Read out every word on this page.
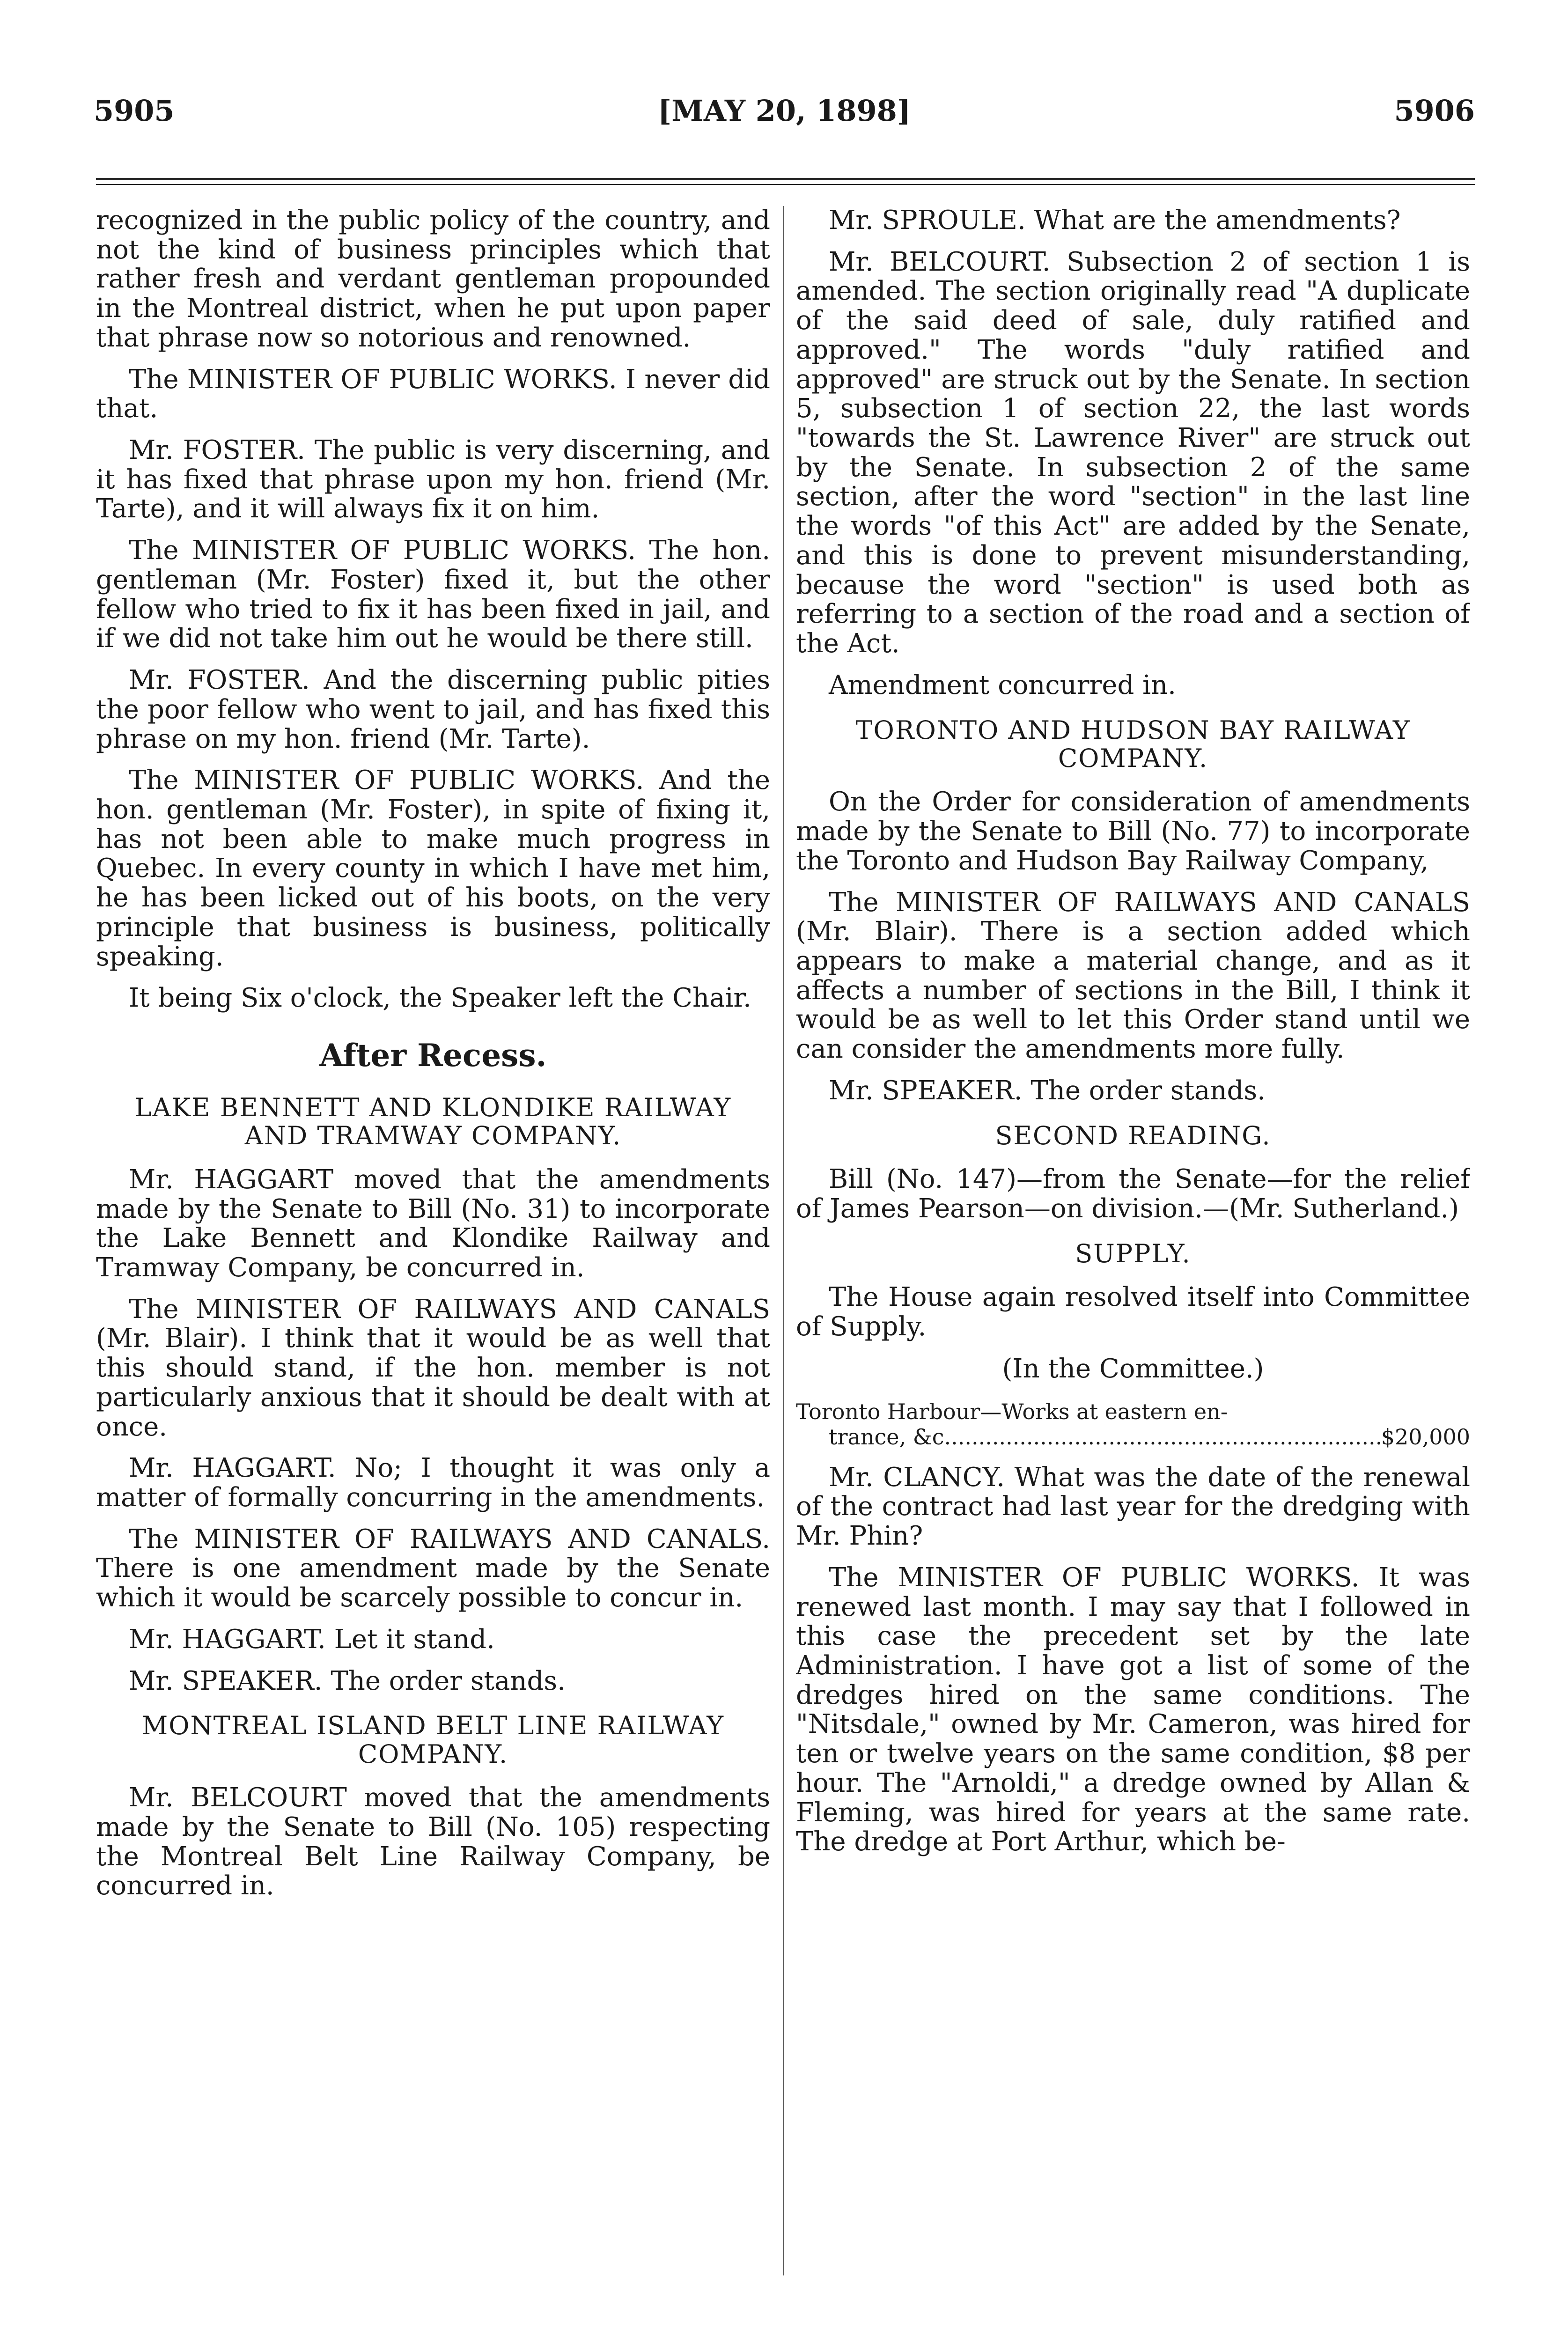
5905	[MAY 20, 1898]	5906

recognized in the public policy of the country, and not the kind of business principles which that rather fresh and verdant gentleman propounded in the Montreal district, when he put upon paper that phrase now so notorious and renowned.

The MINISTER OF PUBLIC WORKS. I never did that.

Mr. FOSTER. The public is very discerning, and it has fixed that phrase upon my hon. friend (Mr. Tarte), and it will always fix it on him.

The MINISTER OF PUBLIC WORKS. The hon. gentleman (Mr. Foster) fixed it, but the other fellow who tried to fix it has been fixed in jail, and if we did not take him out he would be there still.

Mr. FOSTER. And the discerning public pities the poor fellow who went to jail, and has fixed this phrase on my hon. friend (Mr. Tarte).

The MINISTER OF PUBLIC WORKS. And the hon. gentleman (Mr. Foster), in spite of fixing it, has not been able to make much progress in Quebec. In every county in which I have met him, he has been licked out of his boots, on the very principle that business is business, politically speaking.

It being Six o'clock, the Speaker left the Chair.

After Recess.
LAKE BENNETT AND KLONDIKE RAILWAY AND TRAMWAY COMPANY.

Mr. HAGGART moved that the amendments made by the Senate to Bill (No. 31) to incorporate the Lake Bennett and Klondike Railway and Tramway Company, be concurred in.

The MINISTER OF RAILWAYS AND CANALS (Mr. Blair). I think that it would be as well that this should stand, if the hon. member is not particularly anxious that it should be dealt with at once.

Mr. HAGGART. No; I thought it was only a matter of formally concurring in the amendments.

The MINISTER OF RAILWAYS AND CANALS. There is one amendment made by the Senate which it would be scarcely possible to concur in.

Mr. HAGGART. Let it stand.

Mr. SPEAKER. The order stands.

MONTREAL ISLAND BELT LINE RAILWAY COMPANY.

Mr. BELCOURT moved that the amendments made by the Senate to Bill (No. 105) respecting the Montreal Belt Line Railway Company, be concurred in.

Mr. SPROULE. What are the amendments?

Mr. BELCOURT. Subsection 2 of section 1 is amended. The section originally read "A duplicate of the said deed of sale, duly ratified and approved." The words "duly ratified and approved" are struck out by the Senate. In section 5, subsection 1 of section 22, the last words "towards the St. Lawrence River" are struck out by the Senate. In subsection 2 of the same section, after the word "section" in the last line the words "of this Act" are added by the Senate, and this is done to prevent misunderstanding, because the word "section" is used both as referring to a section of the road and a section of the Act.

Amendment concurred in.

TORONTO AND HUDSON BAY RAILWAY COMPANY.

On the Order for consideration of amendments made by the Senate to Bill (No. 77) to incorporate the Toronto and Hudson Bay Railway Company,

The MINISTER OF RAILWAYS AND CANALS (Mr. Blair). There is a section added which appears to make a material change, and as it affects a number of sections in the Bill, I think it would be as well to let this Order stand until we can consider the amendments more fully.

Mr. SPEAKER. The order stands.

SECOND READING.

Bill (No. 147)—from the Senate—for the relief of James Pearson—on division.—(Mr. Sutherland.)

SUPPLY.

The House again resolved itself into Committee of Supply.

(In the Committee.)
Toronto Harbour—Works at eastern en-
trance, &c
.....	$20,000

Mr. CLANCY. What was the date of the renewal of the contract had last year for the dredging with Mr. Phin?

The MINISTER OF PUBLIC WORKS. It was renewed last month. I may say that I followed in this case the precedent set by the late Administration. I have got a list of some of the dredges hired on the same conditions. The "Nitsdale," owned by Mr. Cameron, was hired for ten or twelve years on the same condition, $8 per hour. The "Arnoldi," a dredge owned by Allan & Fleming, was hired for years at the same rate. The dredge at Port Arthur, which be-
